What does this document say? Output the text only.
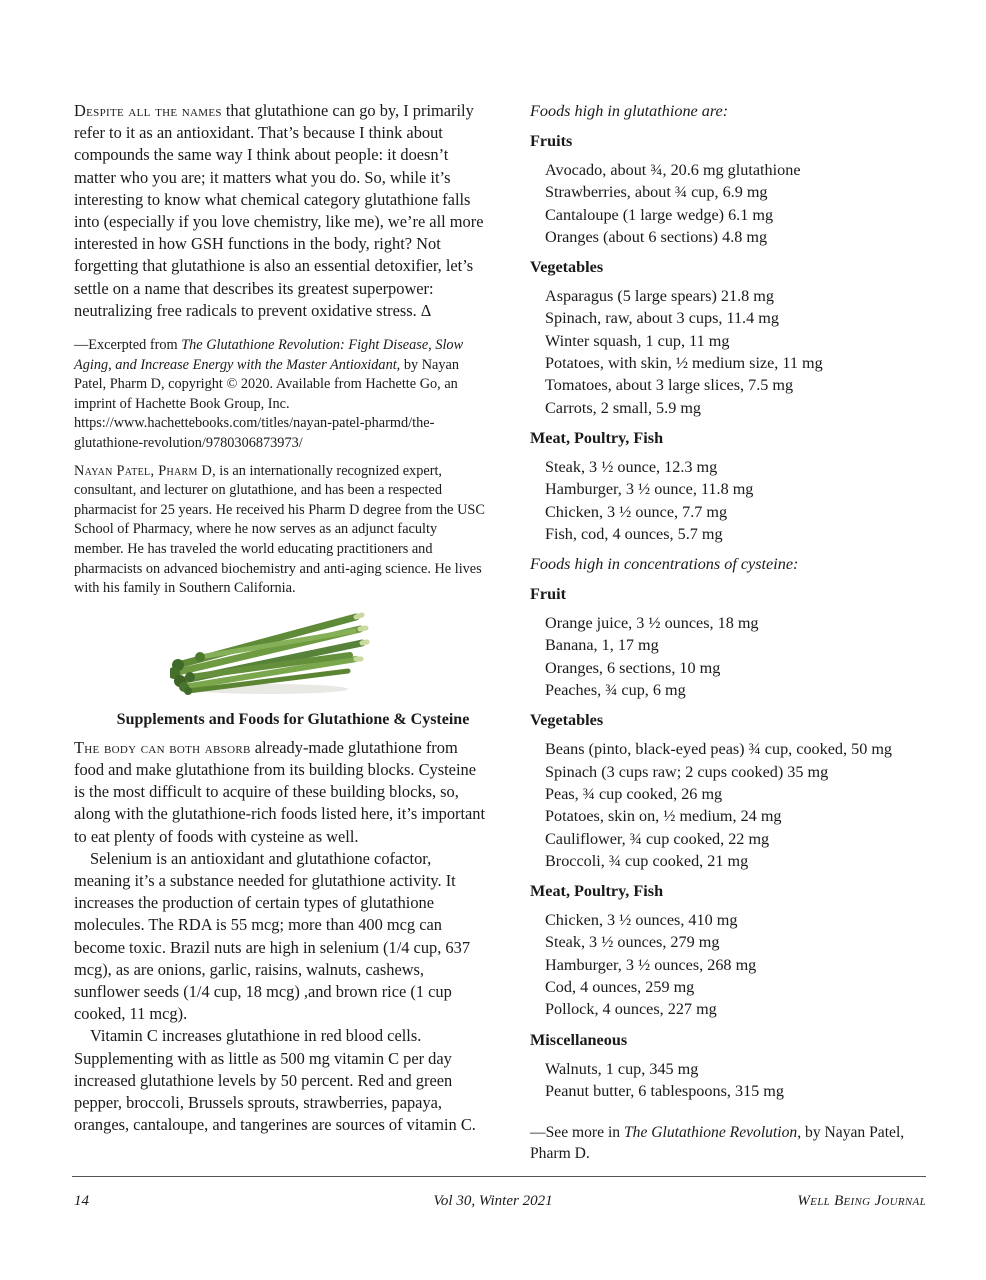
Despite all the names that glutathione can go by, I primarily refer to it as an antioxidant. That’s because I think about compounds the same way I think about people: it doesn’t matter who you are; it matters what you do. So, while it’s interesting to know what chemical category glutathione falls into (especially if you love chemistry, like me), we’re all more interested in how GSH functions in the body, right? Not forgetting that glutathione is also an essential detoxifier, let’s settle on a name that describes its greatest superpower: neutralizing free radicals to prevent oxidative stress. Δ

—Excerpted from The Glutathione Revolution: Fight Disease, Slow Aging, and Increase Energy with the Master Antioxidant, by Nayan Patel, Pharm D, copyright © 2020. Available from Hachette Go, an imprint of Hachette Book Group, Inc. https://www.hachettebooks.com/titles/nayan-patel-pharmd/the-glutathione-revolution/9780306873973/

Nayan Patel, Pharm D, is an internationally recognized expert, consultant, and lecturer on glutathione, and has been a respected pharmacist for 25 years. He received his Pharm D degree from the USC School of Pharmacy, where he now serves as an adjunct faculty member. He has traveled the world educating practitioners and pharmacists on advanced biochemistry and anti-aging science. He lives with his family in Southern California.

Supplements and Foods for Glutathione & Cysteine

The body can both absorb already-made glutathione from food and make glutathione from its building blocks. Cysteine is the most difficult to acquire of these building blocks, so, along with the glutathione-rich foods listed here, it’s important to eat plenty of foods with cysteine as well.

Selenium is an antioxidant and glutathione cofactor, meaning it’s a substance needed for glutathione activity. It increases the production of certain types of glutathione molecules. The RDA is 55 mcg; more than 400 mcg can become toxic. Brazil nuts are high in selenium (1/4 cup, 637 mcg), as are onions, garlic, raisins, walnuts, cashews, sunflower seeds (1/4 cup, 18 mcg) ,and brown rice (1 cup cooked, 11 mcg).

Vitamin C increases glutathione in red blood cells. Supplementing with as little as 500 mg vitamin C per day increased glutathione levels by 50 percent. Red and green pepper, broccoli, Brussels sprouts, strawberries, papaya, oranges, cantaloupe, and tangerines are sources of vitamin C.

Foods high in glutathione are:

Fruits
Avocado, about ¾, 20.6 mg glutathione
Strawberries, about ¾ cup, 6.9 mg
Cantaloupe (1 large wedge) 6.1 mg
Oranges (about 6 sections) 4.8 mg
Vegetables
Asparagus (5 large spears) 21.8 mg
Spinach, raw, about 3 cups, 11.4 mg
Winter squash, 1 cup, 11 mg
Potatoes, with skin, ½ medium size, 11 mg
Tomatoes, about 3 large slices, 7.5 mg
Carrots, 2 small, 5.9 mg
Meat, Poultry, Fish
Steak, 3 ½ ounce, 12.3 mg
Hamburger, 3 ½ ounce, 11.8 mg
Chicken, 3 ½ ounce, 7.7 mg
Fish, cod, 4 ounces, 5.7 mg

Foods high in concentrations of cysteine:

Fruit
Orange juice, 3 ½ ounces, 18 mg
Banana, 1, 17 mg
Oranges, 6 sections, 10 mg
Peaches, ¾ cup, 6 mg
Vegetables
Beans (pinto, black-eyed peas) ¾ cup, cooked, 50 mg
Spinach (3 cups raw; 2 cups cooked) 35 mg
Peas, ¾ cup cooked, 26 mg
Potatoes, skin on, ½ medium, 24 mg
Cauliflower, ¾ cup cooked, 22 mg
Broccoli, ¾ cup cooked, 21 mg
Meat, Poultry, Fish
Chicken, 3 ½ ounces, 410 mg
Steak, 3 ½ ounces, 279 mg
Hamburger, 3 ½ ounces, 268 mg
Cod, 4 ounces, 259 mg
Pollock, 4 ounces, 227 mg
Miscellaneous
Walnuts, 1 cup, 345 mg
Peanut butter, 6 tablespoons, 315 mg

—See more in The Glutathione Revolution, by Nayan Patel, Pharm D.

14	Vol 30, Winter 2021	Well Being Journal
